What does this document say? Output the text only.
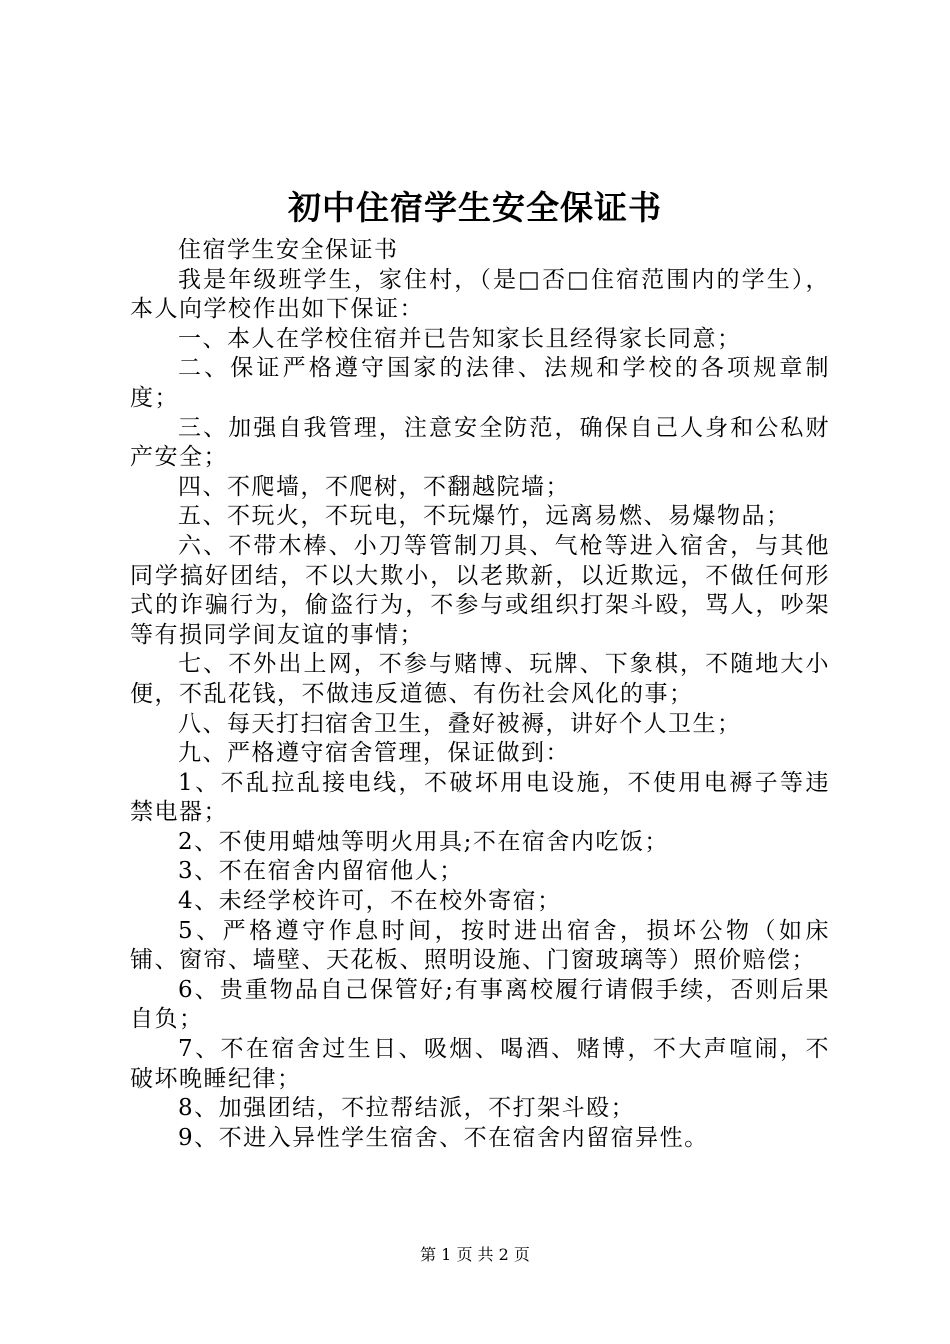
初中住宿学生安全保证书

住宿学生安全保证书

我是年级班学生，家住村，（是□否□住宿范围内的学生），本人向学校作出如下保证：

一、本人在学校住宿并已告知家长且经得家长同意；

二、保证严格遵守国家的法律、法规和学校的各项规章制度；

三、加强自我管理，注意安全防范，确保自己人身和公私财产安全；

四、不爬墙，不爬树，不翻越院墙；

五、不玩火，不玩电，不玩爆竹，远离易燃、易爆物品；

六、不带木棒、小刀等管制刀具、气枪等进入宿舍，与其他同学搞好团结，不以大欺小，以老欺新，以近欺远，不做任何形式的诈骗行为，偷盗行为，不参与或组织打架斗殴，骂人，吵架等有损同学间友谊的事情；

七、不外出上网，不参与赌博、玩牌、下象棋，不随地大小便，不乱花钱，不做违反道德、有伤社会风化的事；

八、每天打扫宿舍卫生，叠好被褥，讲好个人卫生；

九、严格遵守宿舍管理，保证做到：

1、不乱拉乱接电线，不破坏用电设施，不使用电褥子等违禁电器；

2、不使用蜡烛等明火用具;不在宿舍内吃饭；

3、不在宿舍内留宿他人；

4、未经学校许可，不在校外寄宿；

5、严格遵守作息时间，按时进出宿舍，损坏公物（如床铺、窗帘、墙壁、天花板、照明设施、门窗玻璃等）照价赔偿；

6、贵重物品自己保管好;有事离校履行请假手续，否则后果自负；

7、不在宿舍过生日、吸烟、喝酒、赌博，不大声喧闹，不破坏晚睡纪律；

8、加强团结，不拉帮结派，不打架斗殴；

9、不进入异性学生宿舍、不在宿舍内留宿异性。

第 1 页 共 2 页
